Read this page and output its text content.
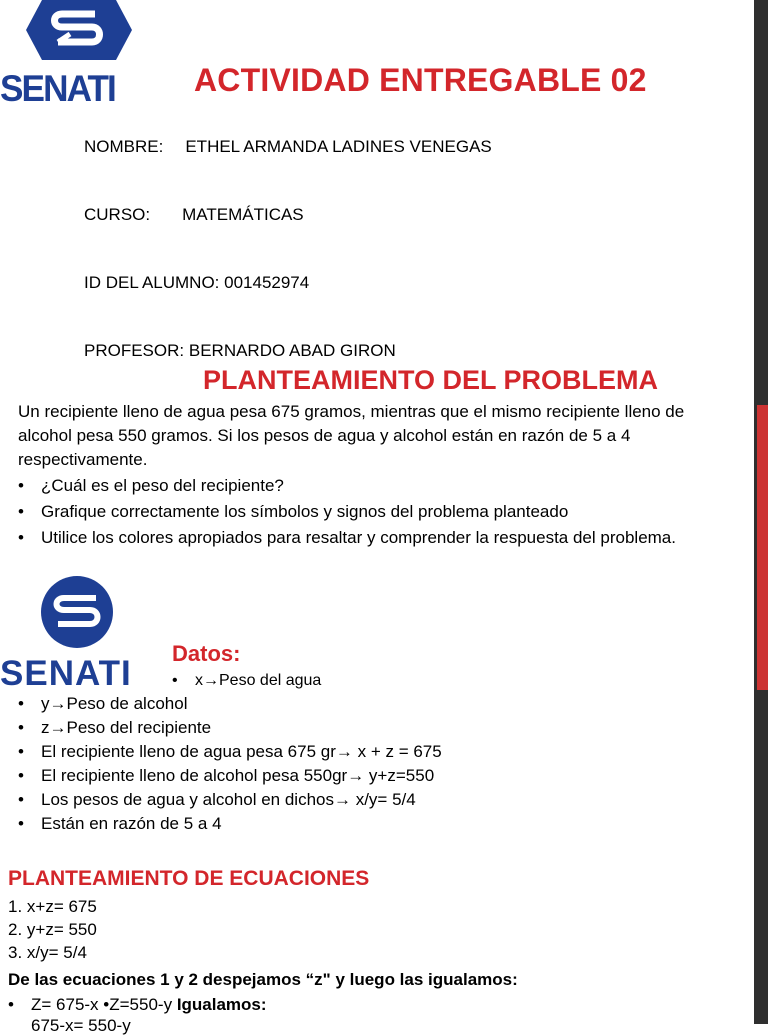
SENATI ACTIVIDAD ENTREGABLE 02
NOMBRE: ETHEL ARMANDA LADINES VENEGAS
CURSO: MATEMÁTICAS
ID DEL ALUMNO: 001452974
PROFESOR: BERNARDO ABAD GIRON
PLANTEAMIENTO DEL PROBLEMA
Un recipiente lleno de agua pesa 675 gramos, mientras que el mismo recipiente lleno de alcohol pesa 550 gramos. Si los pesos de agua y alcohol están en razón de 5 a 4 respectivamente.
• ¿Cuál es el peso del recipiente?
• Grafique correctamente los símbolos y signos del problema planteado
• Utilice los colores apropiados para resaltar y comprender la respuesta del problema.
SENATI
Datos:
• x→Peso del agua
• y→Peso de alcohol
• z→Peso del recipiente
• El recipiente lleno de agua pesa 675 gr→ x + z = 675
• El recipiente lleno de alcohol pesa 550gr→ y+z=550
• Los pesos de agua y alcohol en dichos→ x/y= 5/4
• Están en razón de 5 a 4
PLANTEAMIENTO DE ECUACIONES
1. x+z= 675
2. y+z= 550
3. x/y= 5/4
De las ecuaciones 1 y 2 despejamos “z" y luego las igualamos:
• Z= 675-x •Z=550-y Igualamos:
675-x= 550-y
